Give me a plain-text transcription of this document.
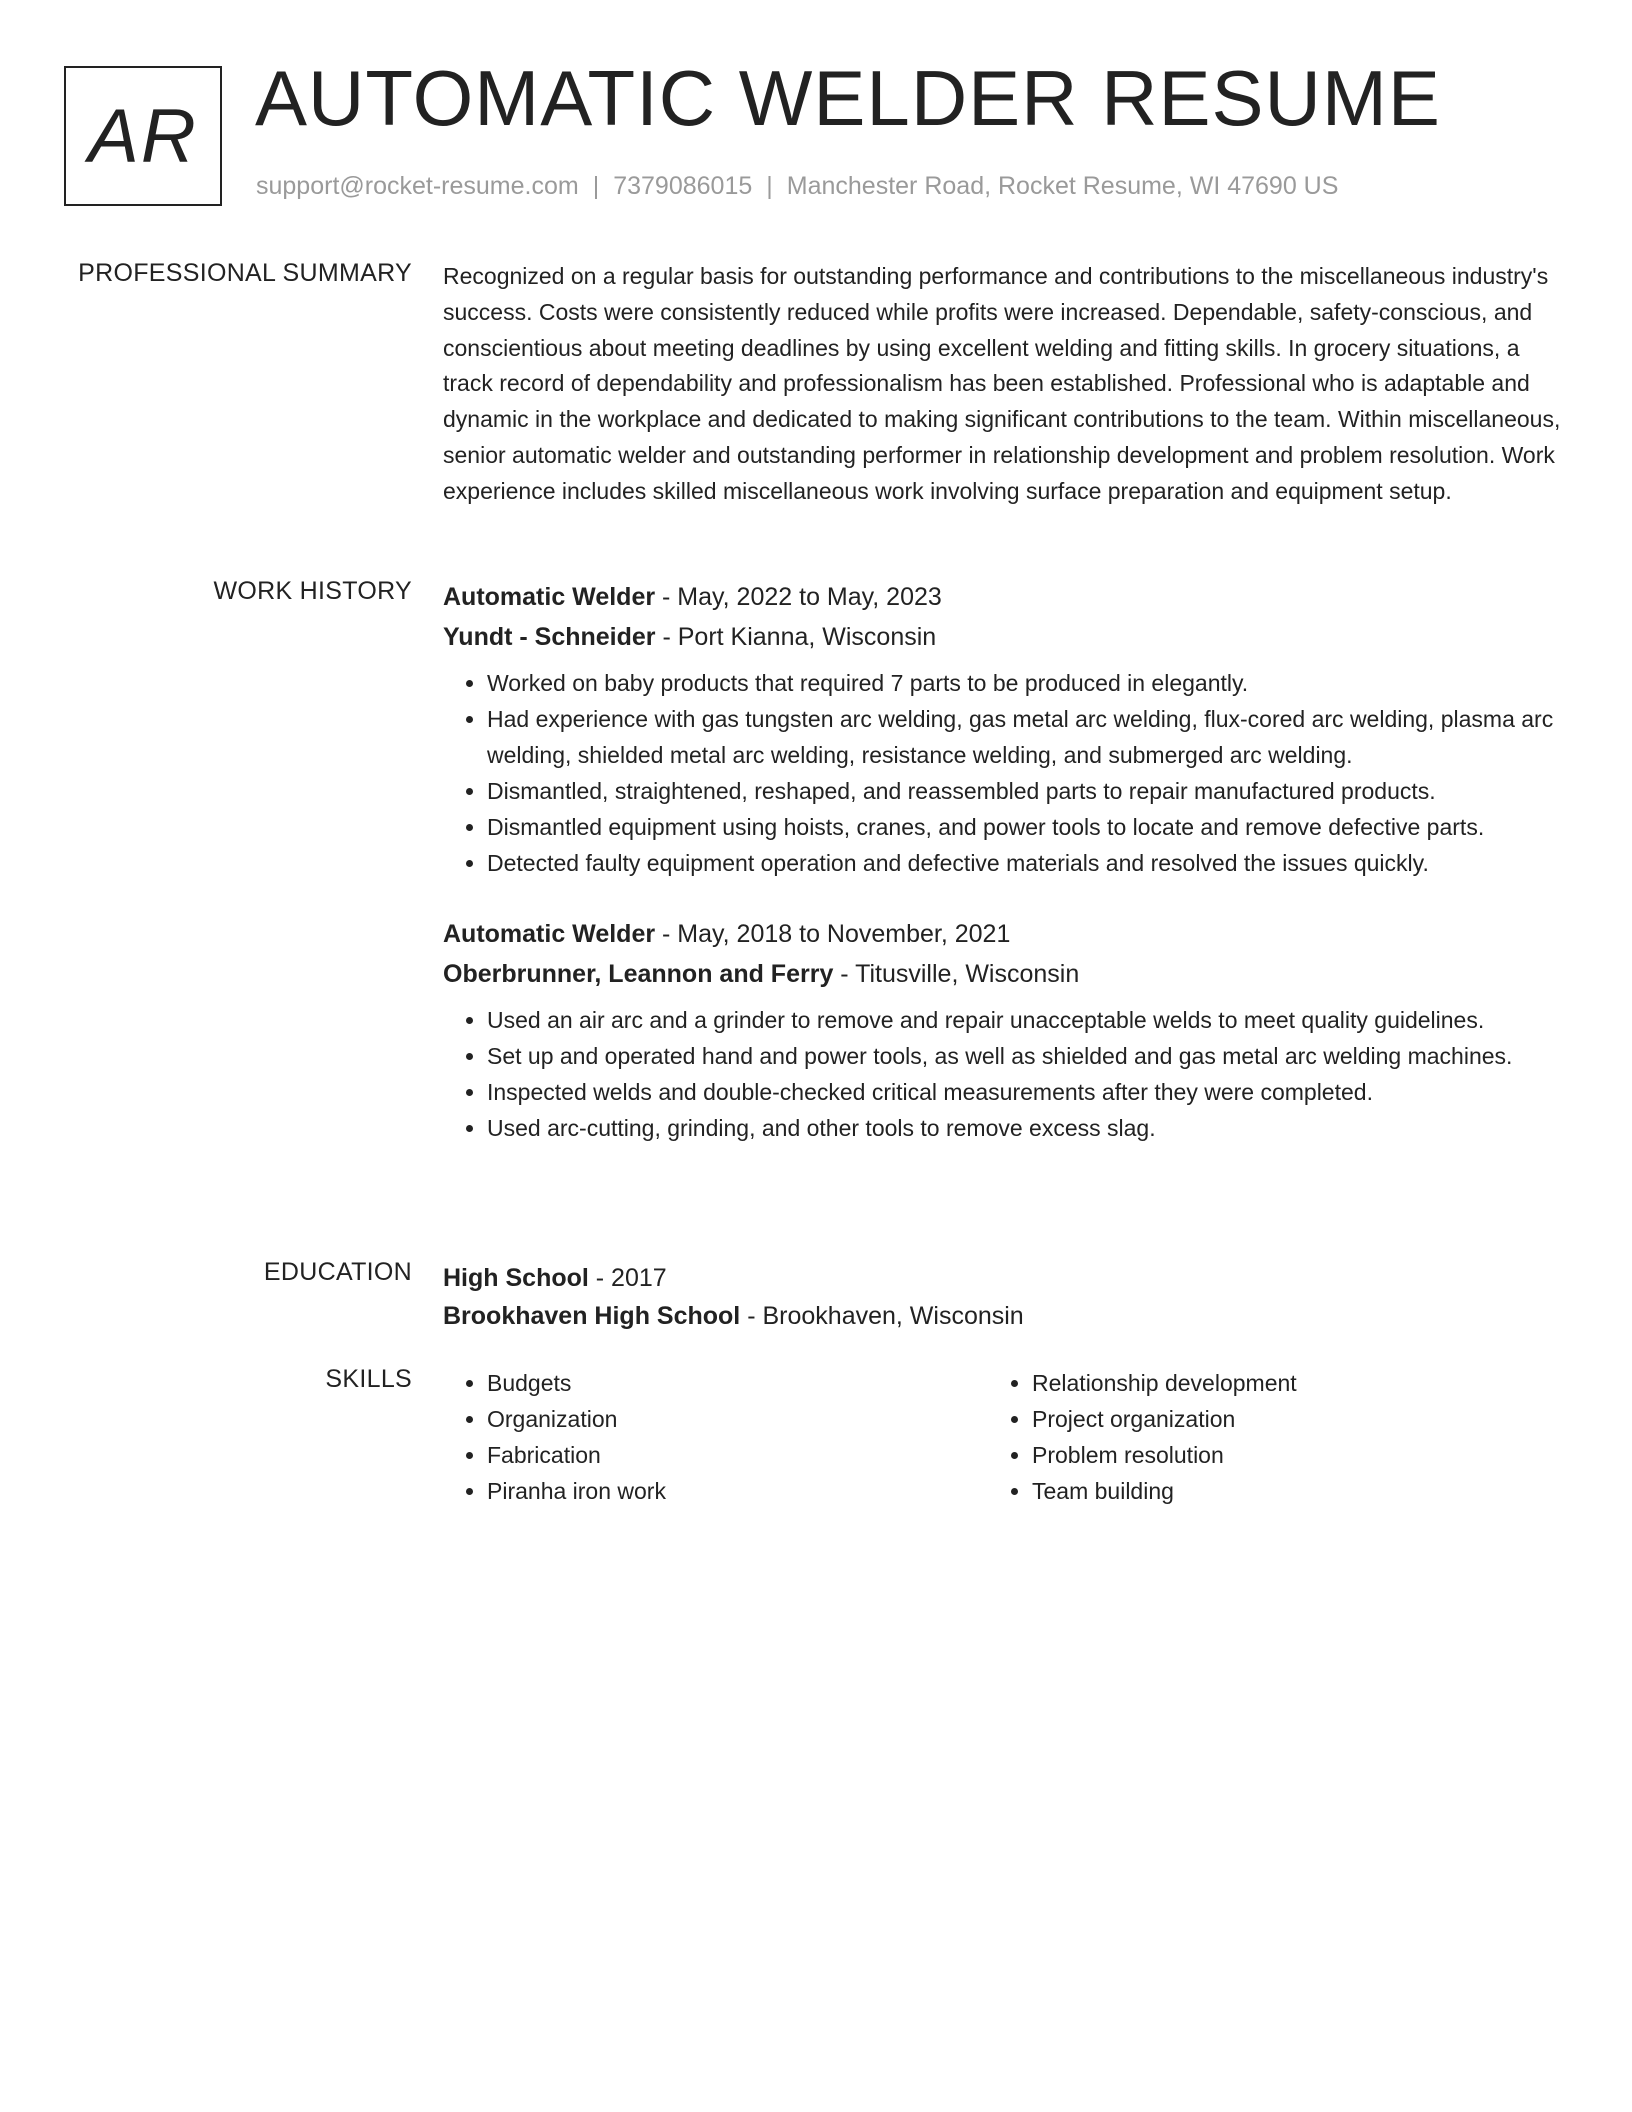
AR AUTOMATIC WELDER RESUME
support@rocket-resume.com | 7379086015 | Manchester Road, Rocket Resume, WI 47690 US
PROFESSIONAL SUMMARY Recognized on a regular basis for outstanding performance and contributions to the miscellaneous industry's success. Costs were consistently reduced while profits were increased. Dependable, safety-conscious, and conscientious about meeting deadlines by using excellent welding and fitting skills. In grocery situations, a track record of dependability and professionalism has been established. Professional who is adaptable and dynamic in the workplace and dedicated to making significant contributions to the team. Within miscellaneous, senior automatic welder and outstanding performer in relationship development and problem resolution. Work experience includes skilled miscellaneous work involving surface preparation and equipment setup.

WORK HISTORY Automatic Welder - May, 2022 to May, 2023
Yundt - Schneider - Port Kianna, Wisconsin
• Worked on baby products that required 7 parts to be produced in elegantly.
• Had experience with gas tungsten arc welding, gas metal arc welding, flux-cored arc welding, plasma arc welding, shielded metal arc welding, resistance welding, and submerged arc welding.
• Dismantled, straightened, reshaped, and reassembled parts to repair manufactured products.
• Dismantled equipment using hoists, cranes, and power tools to locate and remove defective parts.
• Detected faulty equipment operation and defective materials and resolved the issues quickly.
Automatic Welder - May, 2018 to November, 2021
Oberbrunner, Leannon and Ferry - Titusville, Wisconsin
• Used an air arc and a grinder to remove and repair unacceptable welds to meet quality guidelines.
• Set up and operated hand and power tools, as well as shielded and gas metal arc welding machines.
• Inspected welds and double-checked critical measurements after they were completed.
• Used arc-cutting, grinding, and other tools to remove excess slag.
EDUCATION High School - 2017
Brookhaven High School - Brookhaven, Wisconsin
SKILLS
•	Budgets
• Organization
• Fabrication
• Piranha iron work
• Relationship development
• Project organization
• Problem resolution
• Team building
